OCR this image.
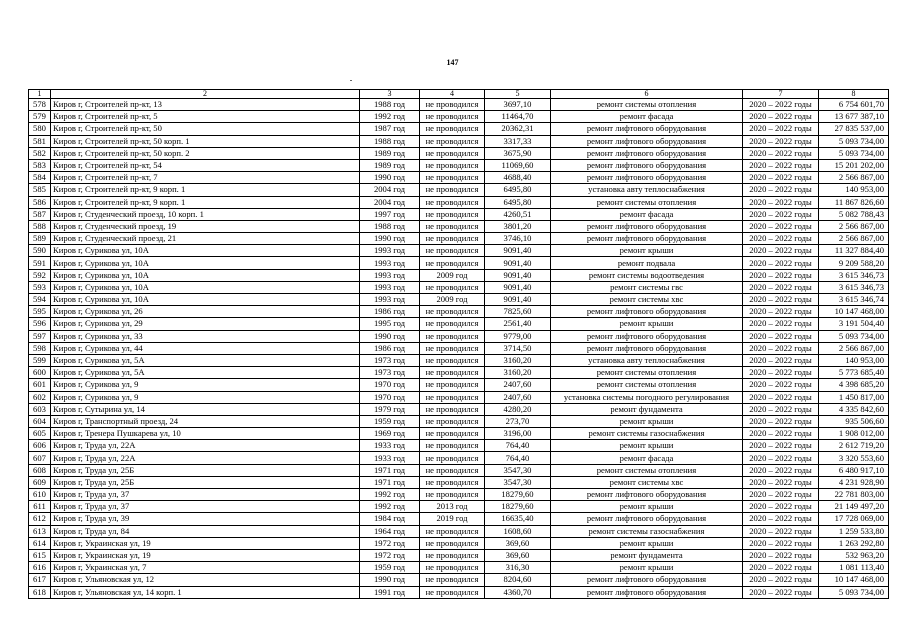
147
1	2	3	4	5	6	7	8
578	Киров г, Строителей пр-кт, 13	1988 год	не проводился	3697,10	ремонт системы отопления	2020 – 2022 годы	6 754 601,70
579	Киров г, Строителей пр-кт, 5	1992 год	не проводился	11464,70	ремонт фасада	2020 – 2022 годы	13 677 387,10
580	Киров г, Строителей пр-кт, 50	1987 год	не проводился	20362,31	ремонт лифтового оборудования	2020 – 2022 годы	27 835 537,00
581	Киров г, Строителей пр-кт, 50 корп. 1	1988 год	не проводился	3317,33	ремонт лифтового оборудования	2020 – 2022 годы	5 093 734,00
582	Киров г, Строителей пр-кт, 50 корп. 2	1989 год	не проводился	3675,90	ремонт лифтового оборудования	2020 – 2022 годы	5 093 734,00
583	Киров г, Строителей пр-кт, 54	1989 год	не проводился	11069,60	ремонт лифтового оборудования	2020 – 2022 годы	15 201 202,00
584	Киров г, Строителей пр-кт, 7	1990 год	не проводился	4688,40	ремонт лифтового оборудования	2020 – 2022 годы	2 566 867,00
585	Киров г, Строителей пр-кт, 9 корп. 1	2004 год	не проводился	6495,80	установка авту теплоснабжения	2020 – 2022 годы	140 953,00
586	Киров г, Строителей пр-кт, 9 корп. 1	2004 год	не проводился	6495,80	ремонт системы отопления	2020 – 2022 годы	11 867 826,60
587	Киров г, Студенческий проезд, 10 корп. 1	1997 год	не проводился	4260,51	ремонт фасада	2020 – 2022 годы	5 082 788,43
588	Киров г, Студенческий проезд, 19	1988 год	не проводился	3801,20	ремонт лифтового оборудования	2020 – 2022 годы	2 566 867,00
589	Киров г, Студенческий проезд, 21	1990 год	не проводился	3746,10	ремонт лифтового оборудования	2020 – 2022 годы	2 566 867,00
590	Киров г, Сурикова ул, 10А	1993 год	не проводился	9091,40	ремонт крыши	2020 – 2022 годы	11 327 884,40
591	Киров г, Сурикова ул, 10А	1993 год	не проводился	9091,40	ремонт подвала	2020 – 2022 годы	9 209 588,20
592	Киров г, Сурикова ул, 10А	1993 год	2009 год	9091,40	ремонт системы водоотведения	2020 – 2022 годы	3 615 346,73
593	Киров г, Сурикова ул, 10А	1993 год	не проводился	9091,40	ремонт системы гвс	2020 – 2022 годы	3 615 346,73
594	Киров г, Сурикова ул, 10А	1993 год	2009 год	9091,40	ремонт системы хвс	2020 – 2022 годы	3 615 346,74
595	Киров г, Сурикова ул, 26	1986 год	не проводился	7825,60	ремонт лифтового оборудования	2020 – 2022 годы	10 147 468,00
596	Киров г, Сурикова ул, 29	1995 год	не проводился	2561,40	ремонт крыши	2020 – 2022 годы	3 191 504,40
597	Киров г, Сурикова ул, 33	1990 год	не проводился	9779,00	ремонт лифтового оборудования	2020 – 2022 годы	5 093 734,00
598	Киров г, Сурикова ул, 44	1986 год	не проводился	3714,50	ремонт лифтового оборудования	2020 – 2022 годы	2 566 867,00
599	Киров г, Сурикова ул, 5А	1973 год	не проводился	3160,20	установка авту теплоснабжения	2020 – 2022 годы	140 953,00
600	Киров г, Сурикова ул, 5А	1973 год	не проводился	3160,20	ремонт системы отопления	2020 – 2022 годы	5 773 685,40
601	Киров г, Сурикова ул, 9	1970 год	не проводился	2407,60	ремонт системы отопления	2020 – 2022 годы	4 398 685,20
602	Киров г, Сурикова ул, 9	1970 год	не проводился	2407,60	установка системы погодного регулирования	2020 – 2022 годы	1 450 817,00
603	Киров г, Сутырина ул, 14	1979 год	не проводился	4280,20	ремонт фундамента	2020 – 2022 годы	4 335 842,60
604	Киров г, Транспортный проезд, 24	1959 год	не проводился	273,70	ремонт крыши	2020 – 2022 годы	935 506,60
605	Киров г, Тренера Пушкарева ул, 10	1969 год	не проводился	3196,00	ремонт системы газоснабжения	2020 – 2022 годы	1 908 012,00
606	Киров г, Труда ул, 22А	1933 год	не проводился	764,40	ремонт крыши	2020 – 2022 годы	2 612 719,20
607	Киров г, Труда ул, 22А	1933 год	не проводился	764,40	ремонт фасада	2020 – 2022 годы	3 320 553,60
608	Киров г, Труда ул, 25Б	1971 год	не проводился	3547,30	ремонт системы отопления	2020 – 2022 годы	6 480 917,10
609	Киров г, Труда ул, 25Б	1971 год	не проводился	3547,30	ремонт системы хвс	2020 – 2022 годы	4 231 928,90
610	Киров г, Труда ул, 37	1992 год	не проводился	18279,60	ремонт лифтового оборудования	2020 – 2022 годы	22 781 803,00
611	Киров г, Труда ул, 37	1992 год	2013 год	18279,60	ремонт крыши	2020 – 2022 годы	21 149 497,20
612	Киров г, Труда ул, 39	1984 год	2019 год	16635,40	ремонт лифтового оборудования	2020 – 2022 годы	17 728 069,00
613	Киров г, Труда ул, 84	1964 год	не проводился	1608,60	ремонт системы газоснабжения	2020 – 2022 годы	1 259 533,80
614	Киров г, Украинская ул, 19	1972 год	не проводился	369,60	ремонт крыши	2020 – 2022 годы	1 263 292,80
615	Киров г, Украинская ул, 19	1972 год	не проводился	369,60	ремонт фундамента	2020 – 2022 годы	532 963,20
616	Киров г, Украинская ул, 7	1959 год	не проводился	316,30	ремонт крыши	2020 – 2022 годы	1 081 113,40
617	Киров г, Ульяновская ул, 12	1990 год	не проводился	8204,60	ремонт лифтового оборудования	2020 – 2022 годы	10 147 468,00
618	Киров г, Ульяновская ул, 14 корп. 1	1991 год	не проводился	4360,70	ремонт лифтового оборудования	2020 – 2022 годы	5 093 734,00
